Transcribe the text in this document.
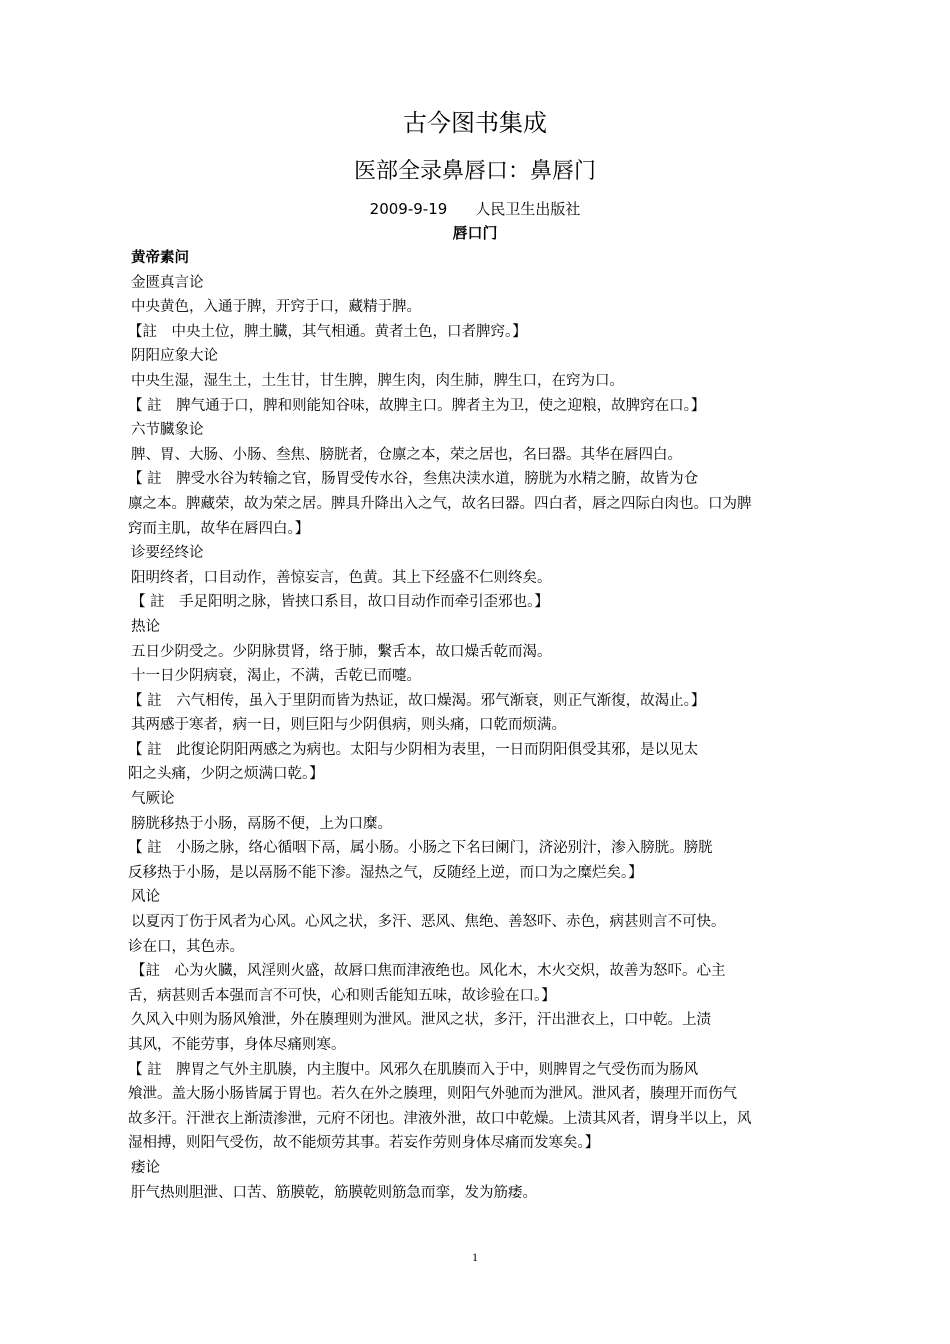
古今图书集成
医部全录鼻唇口：鼻唇门
2009-9-19 人民卫生出版社
唇口门
黄帝素问
金匮真言论
中央黄色，入通于脾，开窍于口，藏精于脾。
【註　中央土位，脾土臓，其气相通。黄者土色，口者脾窍。】
阴阳应象大论
中央生湿，湿生土，土生甘，甘生脾，脾生肉，肉生肺，脾生口，在窍为口。
【 註　脾气通于口，脾和则能知谷味，故脾主口。脾者主为卫，使之迎粮，故脾窍在口。】
六节臓象论
脾、胃、大肠、小肠、叁焦、膀胱者，仓廪之本，荣之居也，名曰器。其华在唇四白。
【 註　脾受水谷为转输之官，肠胃受传水谷，叁焦决渎水道，膀胱为水精之腑，故皆为仓
廪之本。脾藏荣，故为荣之居。脾具升降出入之气，故名曰器。四白者，唇之四际白肉也。口为脾
窍而主肌，故华在唇四白。】
诊要经终论
阳明终者，口目动作，善惊妄言，色黄。其上下经盛不仁则终矣。
【 註　手足阳明之脉，皆挟口系目，故口目动作而牵引歪邪也。】
热论
五日少阴受之。少阴脉贯肾，络于肺，繫舌本，故口燥舌乾而渴。
十一日少阴病衰，渴止，不满，舌乾已而嚏。
【 註　六气相传，虽入于里阴而皆为热证，故口燥渴。邪气渐衰，则正气渐復，故渴止。】
其两感于寒者，病一日，则巨阳与少阴俱病，则头痛，口乾而烦满。
【 註　此復论阴阳两感之为病也。太阳与少阴相为表里，一日而阴阳俱受其邪，是以见太
阳之头痛，少阴之烦满口乾。】
气厥论
膀胱移热于小肠，鬲肠不便，上为口糜。
【 註　小肠之脉，络心循咽下鬲，属小肠。小肠之下名曰阑门，济泌别汁，渗入膀胱。膀胱
反移热于小肠，是以鬲肠不能下渗。湿热之气，反随经上逆，而口为之糜烂矣。】
风论
以夏丙丁伤于风者为心风。心风之状，多汗、恶风、焦绝、善怒吓、赤色，病甚则言不可快。
诊在口，其色赤。
【註　心为火臓，风淫则火盛，故唇口焦而津液绝也。风化木，木火交炽，故善为怒吓。心主
舌，病甚则舌本强而言不可快，心和则舌能知五味，故诊验在口。】
久风入中则为肠风飧泄，外在腠理则为泄风。泄风之状，多汗，汗出泄衣上，口中乾。上渍
其风，不能劳事，身体尽痛则寒。
【 註　脾胃之气外主肌腠，内主腹中。风邪久在肌腠而入于中，则脾胃之气受伤而为肠风
飧泄。盖大肠小肠皆属于胃也。若久在外之腠理，则阳气外驰而为泄风。泄风者，腠理开而伤气
故多汗。汗泄衣上渐渍渗泄，元府不闭也。津液外泄，故口中乾燥。上渍其风者，谓身半以上，风
湿相搏，则阳气受伤，故不能烦劳其事。若妄作劳则身体尽痛而发寒矣。】
痿论
肝气热则胆泄、口苦、筋膜乾，筋膜乾则筋急而挛，发为筋痿。
1
